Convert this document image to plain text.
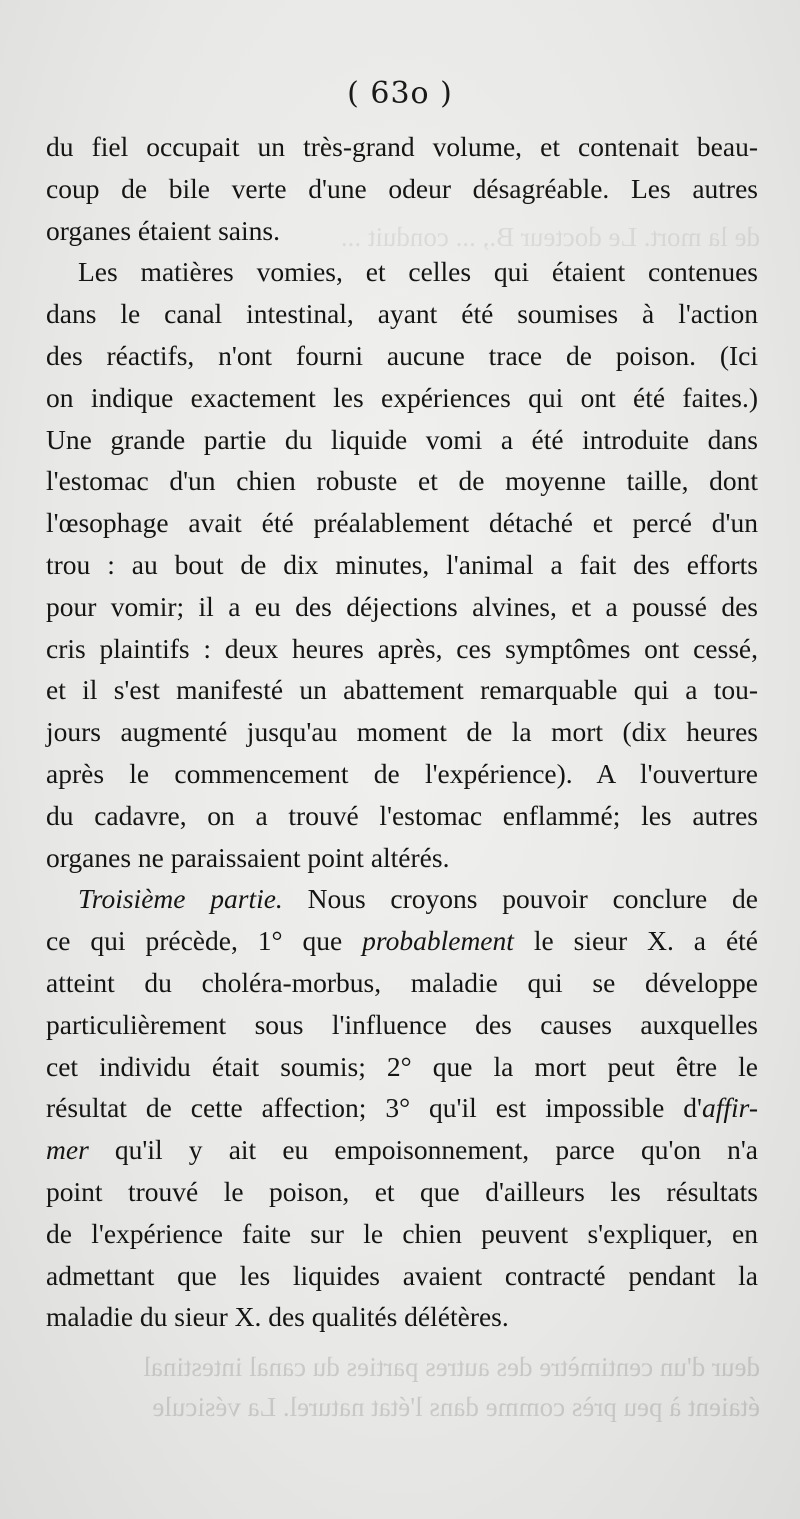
de la mort. Le docteur B., ... conduit ...
deur d'un centimètre des autres parties du canal intestinal
étaient à peu près comme dans l'état naturel. La vésicule
( 63o )
du fiel occupait un très-grand volume, et contenait beau-
coup de bile verte d'une odeur désagréable. Les autres
organes étaient sains.
Les matières vomies, et celles qui étaient contenues
dans le canal intestinal, ayant été soumises à l'action
des réactifs, n'ont fourni aucune trace de poison. (Ici
on indique exactement les expériences qui ont été faites.)
Une grande partie du liquide vomi a été introduite dans
l'estomac d'un chien robuste et de moyenne taille, dont
l'œsophage avait été préalablement détaché et percé d'un
trou : au bout de dix minutes, l'animal a fait des efforts
pour vomir; il a eu des déjections alvines, et a poussé des
cris plaintifs : deux heures après, ces symptômes ont cessé,
et il s'est manifesté un abattement remarquable qui a tou-
jours augmenté jusqu'au moment de la mort (dix heures
après le commencement de l'expérience). A l'ouverture
du cadavre, on a trouvé l'estomac enflammé; les autres
organes ne paraissaient point altérés.
Troisième partie. Nous croyons pouvoir conclure de
ce qui précède, 1° que probablement le sieur X. a été
atteint du choléra-morbus, maladie qui se développe
particulièrement sous l'influence des causes auxquelles
cet individu était soumis; 2° que la mort peut être le
résultat de cette affection; 3° qu'il est impossible d'affir-
mer qu'il y ait eu empoisonnement, parce qu'on n'a
point trouvé le poison, et que d'ailleurs les résultats
de l'expérience faite sur le chien peuvent s'expliquer, en
admettant que les liquides avaient contracté pendant la
maladie du sieur X. des qualités délétères.
